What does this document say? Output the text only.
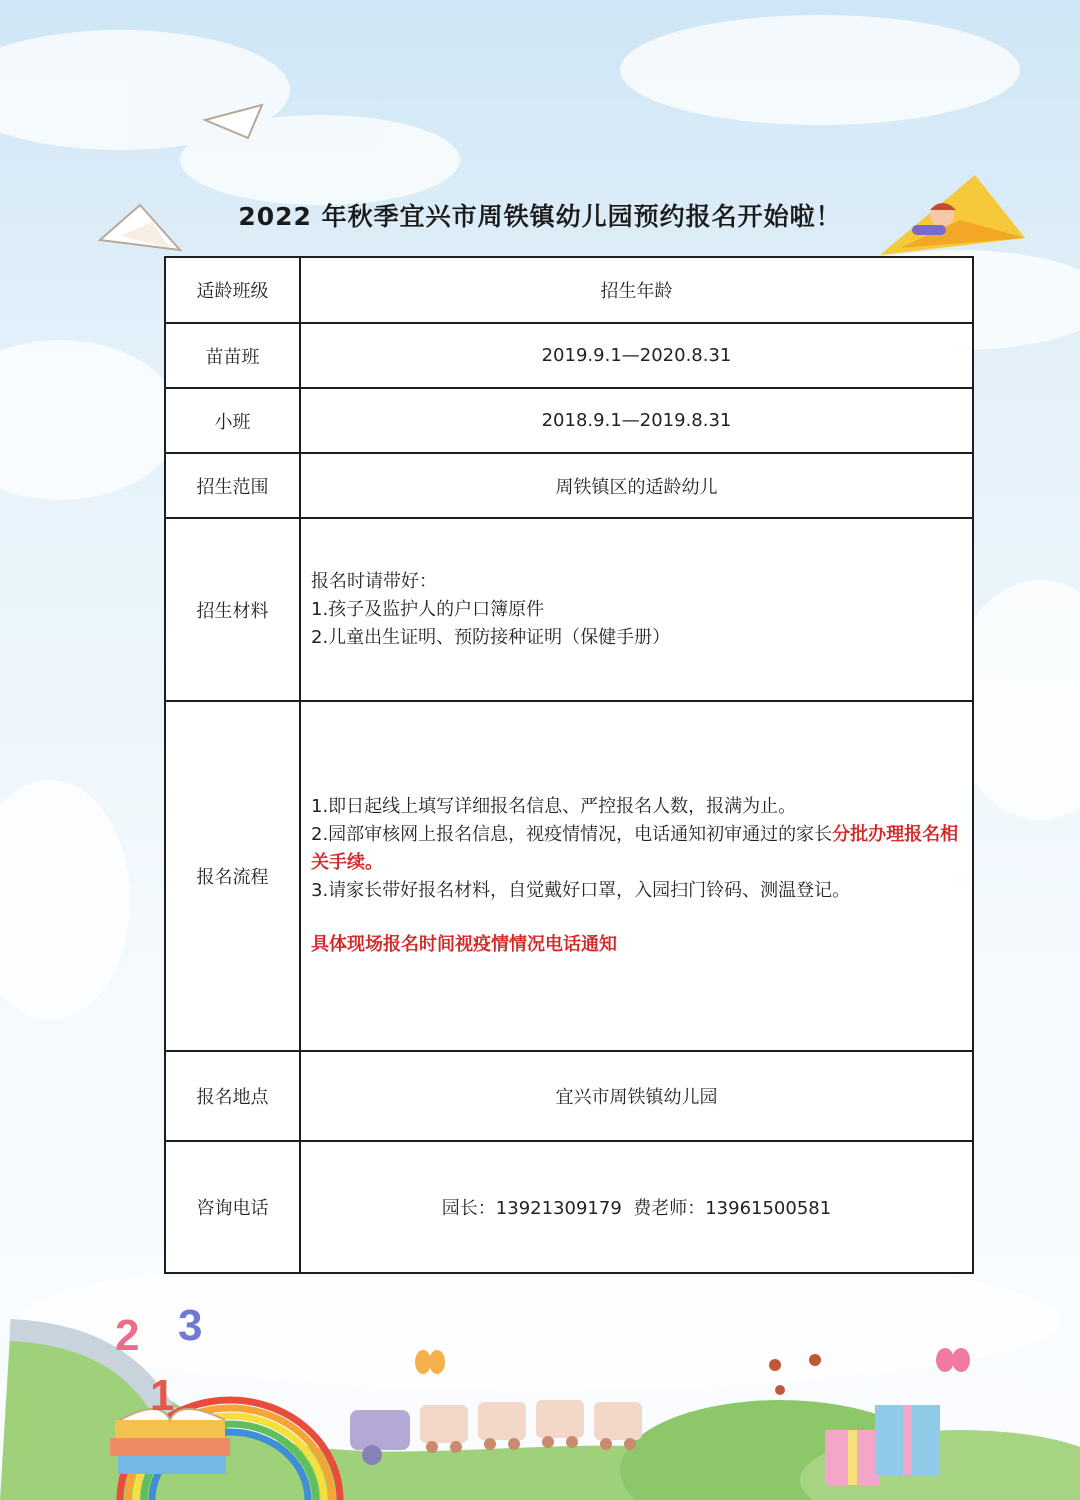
1
2 3
2022 年秋季宜兴市周铁镇幼儿园预约报名开始啦！
适龄班级	招生年龄
苗苗班	2019.9.1—2020.8.31
小班	2018.9.1—2019.8.31
招生范围	周铁镇区的适龄幼儿
招生材料	报名时请带好：
1.孩子及监护人的户口簿原件
2.儿童出生证明、预防接种证明（保健手册）

报名流程	1.即日起线上填写详细报名信息、严控报名人数，报满为止。
2.园部审核网上报名信息，视疫情情况，电话通知初审通过的家长分批办理报名相关手续。
3.请家长带好报名材料，自觉戴好口罩，入园扫门铃码、测温登记。
具体现场报名时间视疫情情况电话通知

报名地点	宜兴市周铁镇幼儿园
咨询电话	园长：13921309179  费老师：13961500581
